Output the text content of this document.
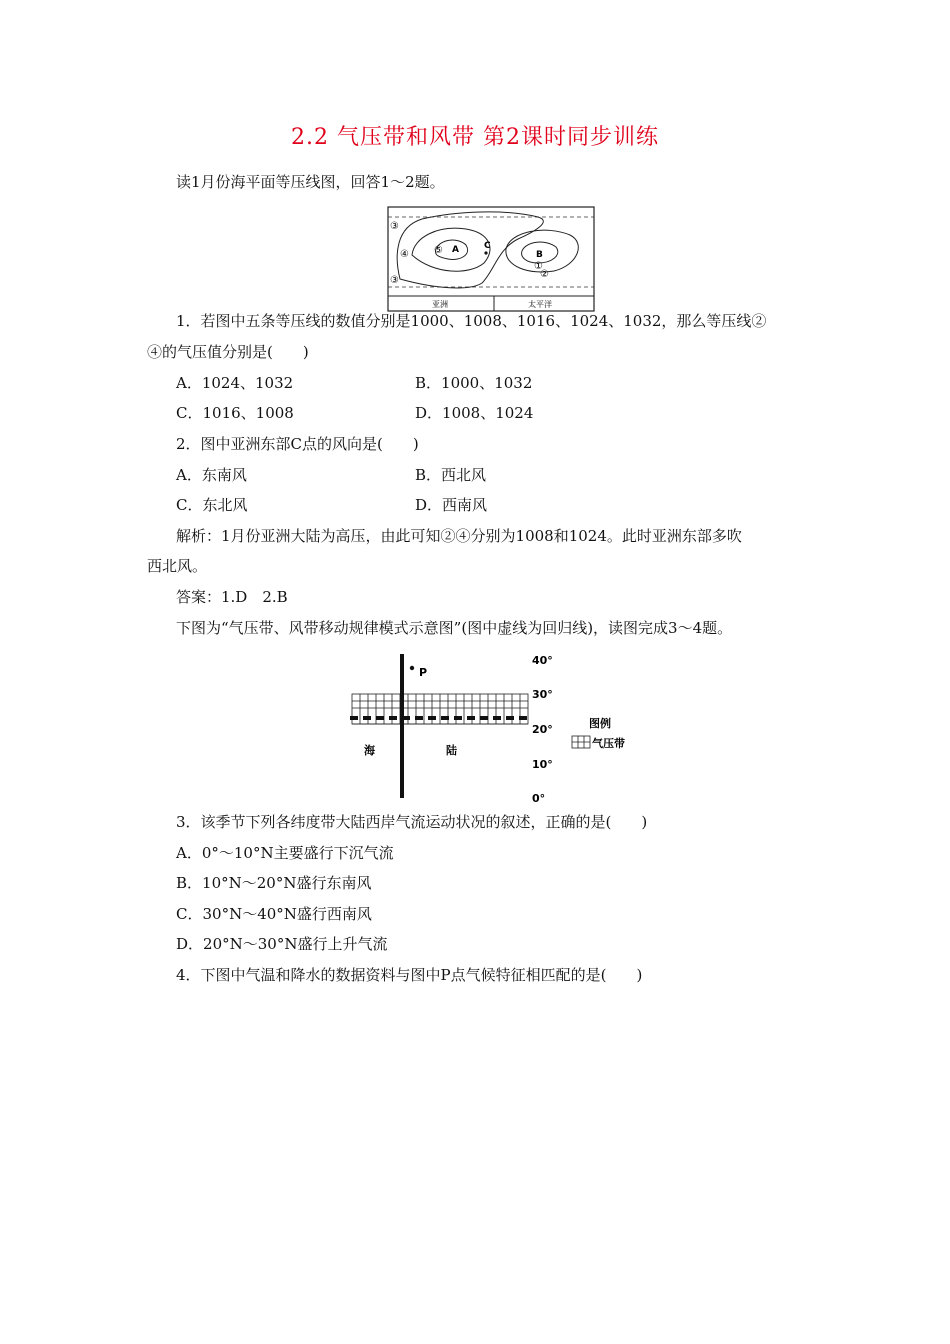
2.2 气压带和风带 第2课时同步训练
读1月份海平面等压线图，回答1～2题。
A	C
B
①
②
③
③
④	⑤
亚洲	太平洋
1．若图中五条等压线的数值分别是1000、1008、1016、1024、1032，那么等压线②
④的气压值分别是(　　)
A．1024、1032	B．1000、1032
C．1016、1008	D．1008、1024
2．图中亚洲东部C点的风向是(　　)
A．东南风	B．西北风
C．东北风	D．西南风
解析：1月份亚洲大陆为高压，由此可知②④分别为1008和1024。此时亚洲东部多吹
西北风。
答案：1.D　2.B
下图为“气压带、风带移动规律模式示意图”(图中虚线为回归线)，读图完成3～4题。
P
海	陆
40°
30°
20°
10°
0°
图例
气压带
3．该季节下列各纬度带大陆西岸气流运动状况的叙述，正确的是(　　)
A．0°～10°N主要盛行下沉气流
B．10°N～20°N盛行东南风
C．30°N～40°N盛行西南风
D．20°N～30°N盛行上升气流
4．下图中气温和降水的数据资料与图中P点气候特征相匹配的是(　　)
